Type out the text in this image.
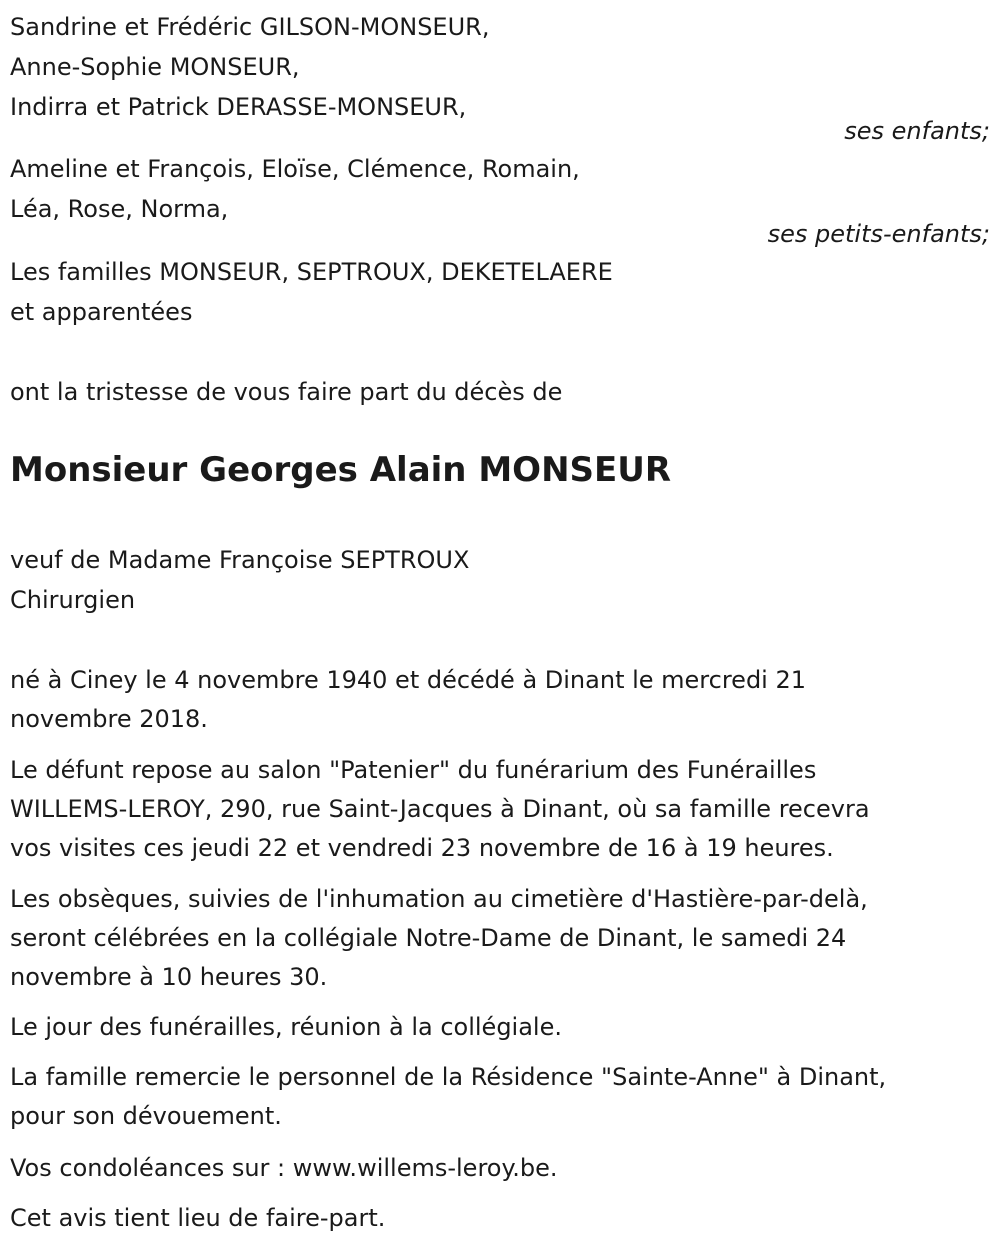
Sandrine et Frédéric GILSON-MONSEUR,
Anne-Sophie MONSEUR,
Indirra et Patrick DERASSE-MONSEUR,
ses enfants;
Ameline et François, Eloïse, Clémence, Romain,
Léa, Rose, Norma,
ses petits-enfants;
Les familles MONSEUR, SEPTROUX, DEKETELAERE
et apparentées
ont la tristesse de vous faire part du décès de
Monsieur Georges Alain MONSEUR
veuf de Madame Françoise SEPTROUX
Chirurgien
né à Ciney le 4 novembre 1940 et décédé à Dinant le mercredi 21
novembre 2018.
Le défunt repose au salon "Patenier" du funérarium des Funérailles
WILLEMS-LEROY, 290, rue Saint-Jacques à Dinant, où sa famille recevra
vos visites ces jeudi 22 et vendredi 23 novembre de 16 à 19 heures.
Les obsèques, suivies de l'inhumation au cimetière d'Hastière-par-delà,
seront célébrées en la collégiale Notre-Dame de Dinant, le samedi 24
novembre à 10 heures 30.
Le jour des funérailles, réunion à la collégiale.
La famille remercie le personnel de la Résidence "Sainte-Anne" à Dinant,
pour son dévouement.
Vos condoléances sur : www.willems-leroy.be.
Cet avis tient lieu de faire-part.
